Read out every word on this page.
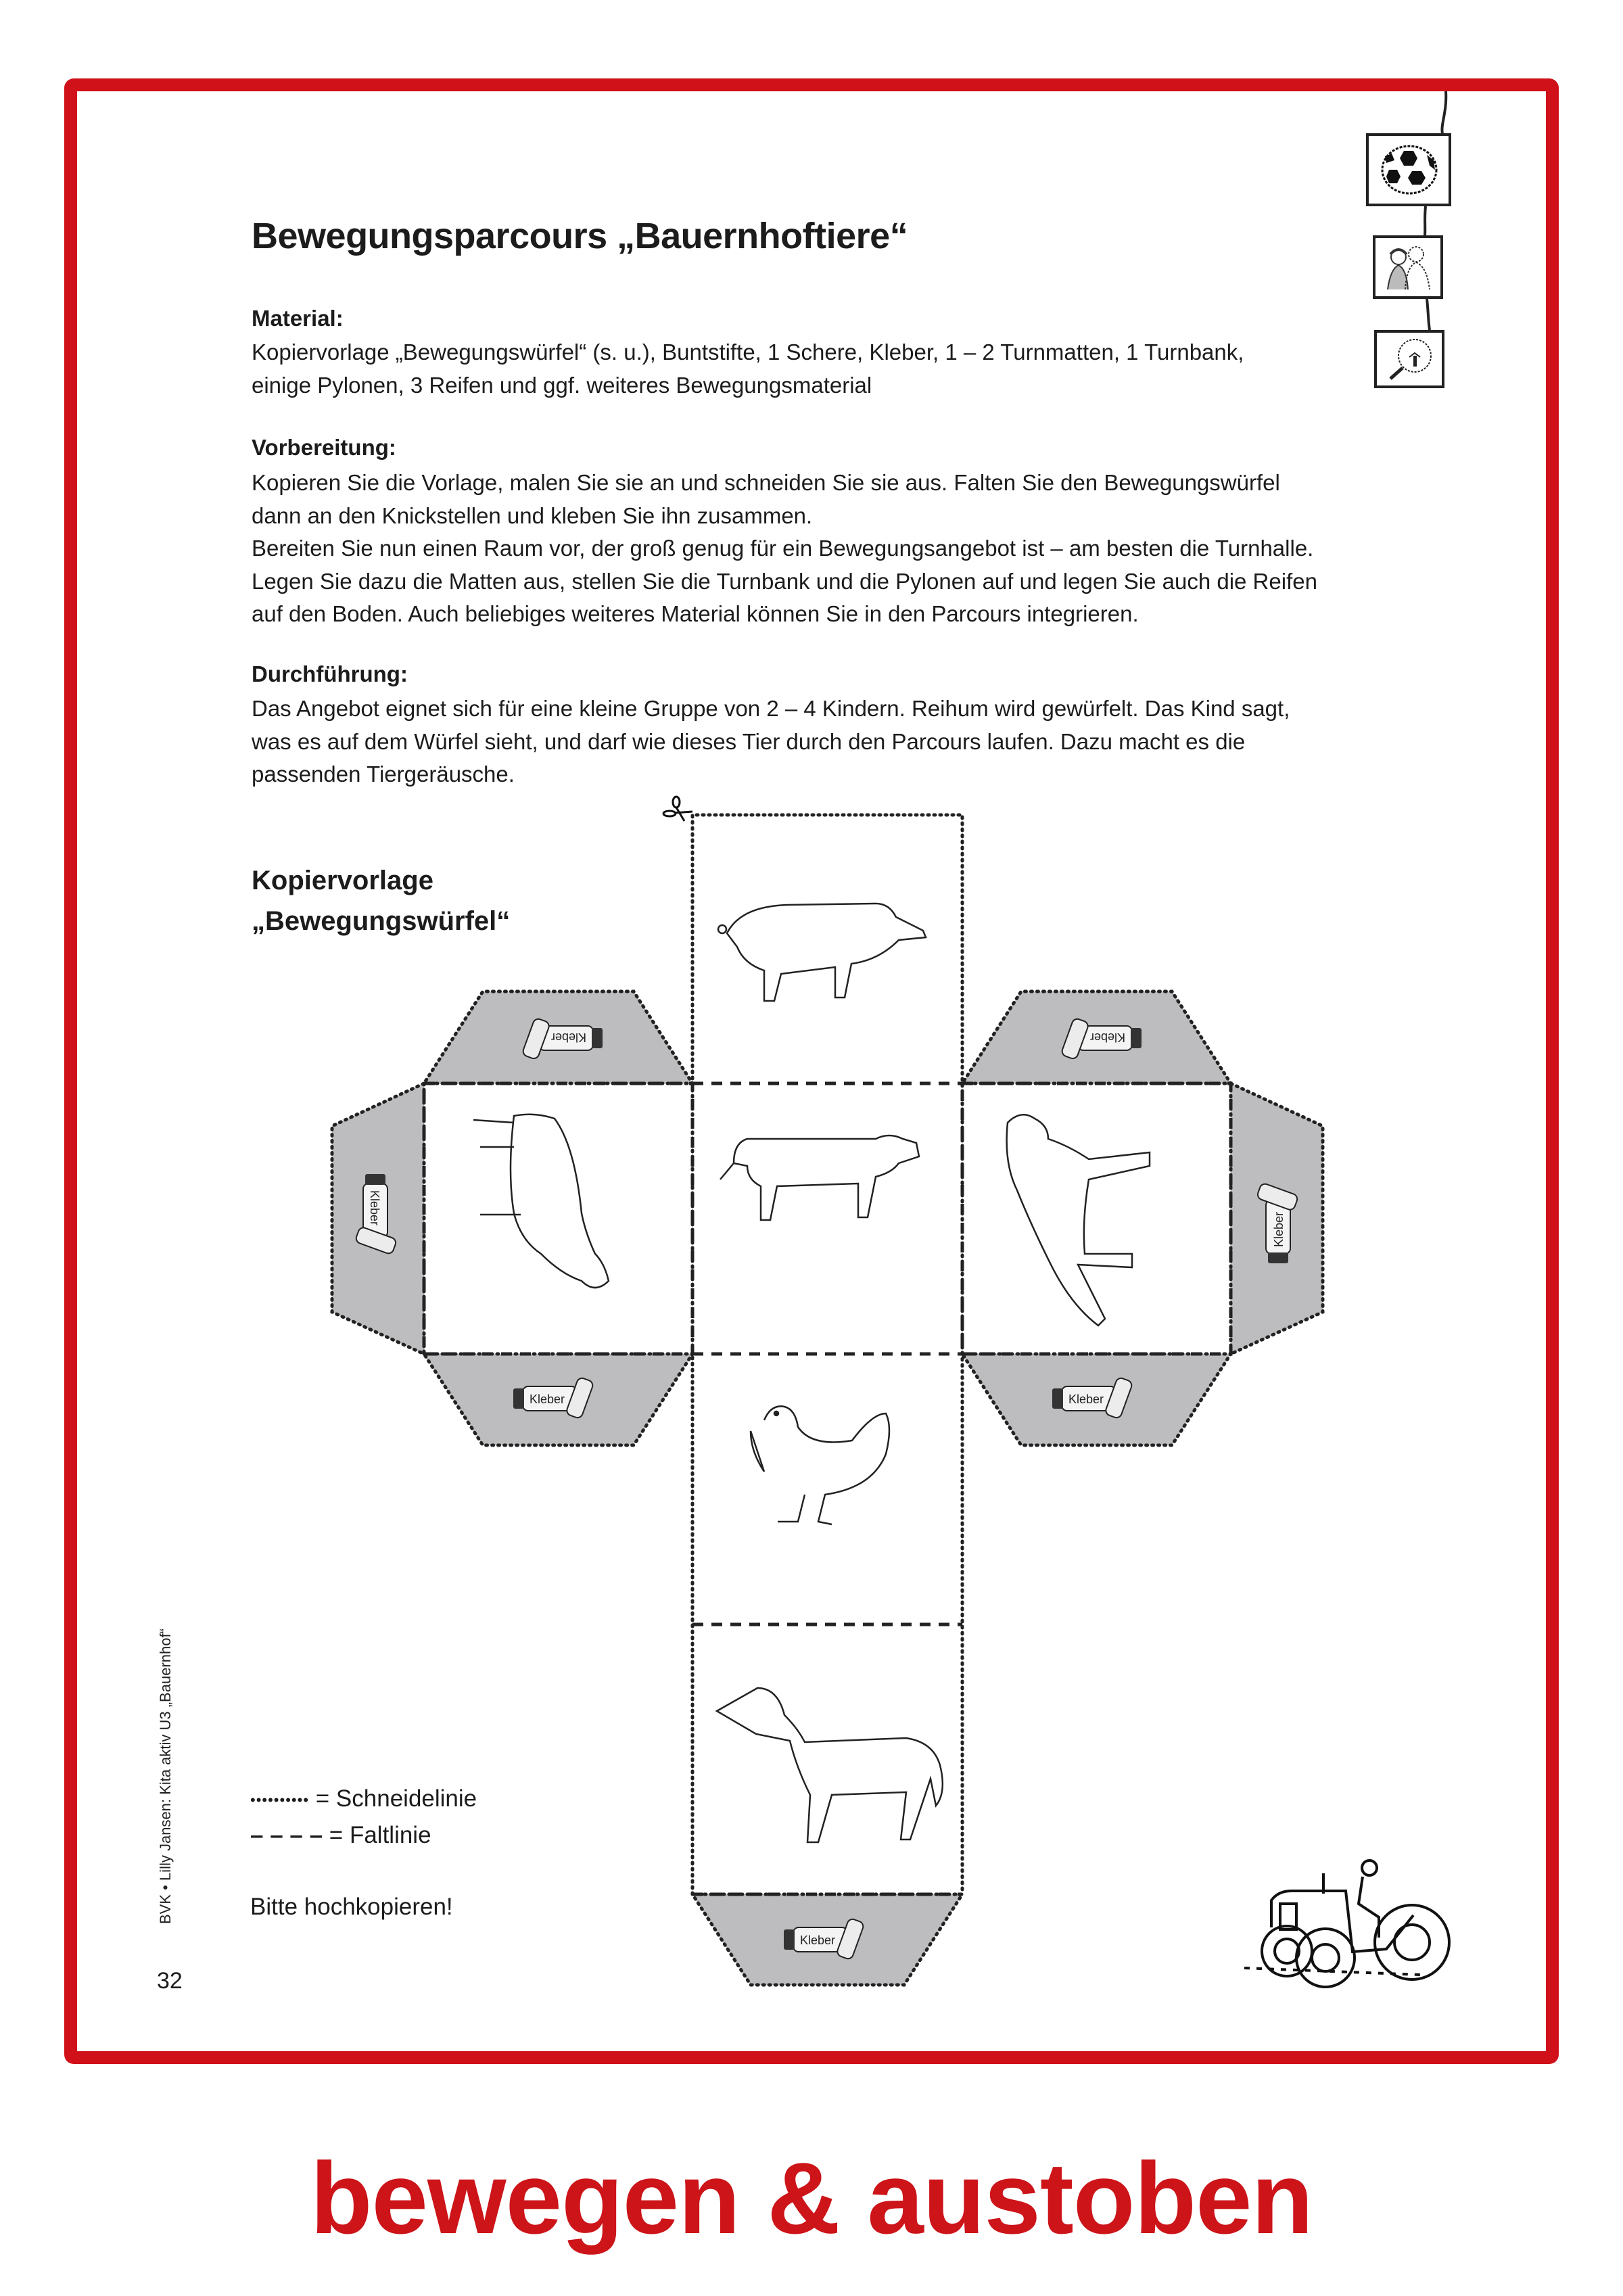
Bewegungsparcours „Bauernhoftiere“
Material:
Kopiervorlage „Bewegungswürfel“ (s. u.), Buntstifte, 1 Schere, Kleber, 1 – 2 Turnmatten, 1 Turnbank,
einige Pylonen, 3 Reifen und ggf. weiteres Bewegungsmaterial
Vorbereitung:
Kopieren Sie die Vorlage, malen Sie sie an und schneiden Sie sie aus. Falten Sie den Bewegungswürfel
dann an den Knickstellen und kleben Sie ihn zusammen.
Bereiten Sie nun einen Raum vor, der groß genug für ein Bewegungsangebot ist – am besten die Turnhalle.
Legen Sie dazu die Matten aus, stellen Sie die Turnbank und die Pylonen auf und legen Sie auch die Reifen
auf den Boden. Auch beliebiges weiteres Material können Sie in den Parcours integrieren.
Durchführung:
Das Angebot eignet sich für eine kleine Gruppe von 2 – 4 Kindern. Reihum wird gewürfelt. Das Kind sagt,
was es auf dem Würfel sieht, und darf wie dieses Tier durch den Parcours laufen. Dazu macht es die
passenden Tiergeräusche.
Kopiervorlage
„Bewegungswürfel“
Kleber
Kleber
Kleber
Kleber
Kleber
Kleber
Kleber
•••••••••• = Schneidelinie
– – – – = Faltlinie
Bitte hochkopieren!
BVK • Lilly Jansen: Kita aktiv U3 „Bauernhof“
32
bewegen & austoben
